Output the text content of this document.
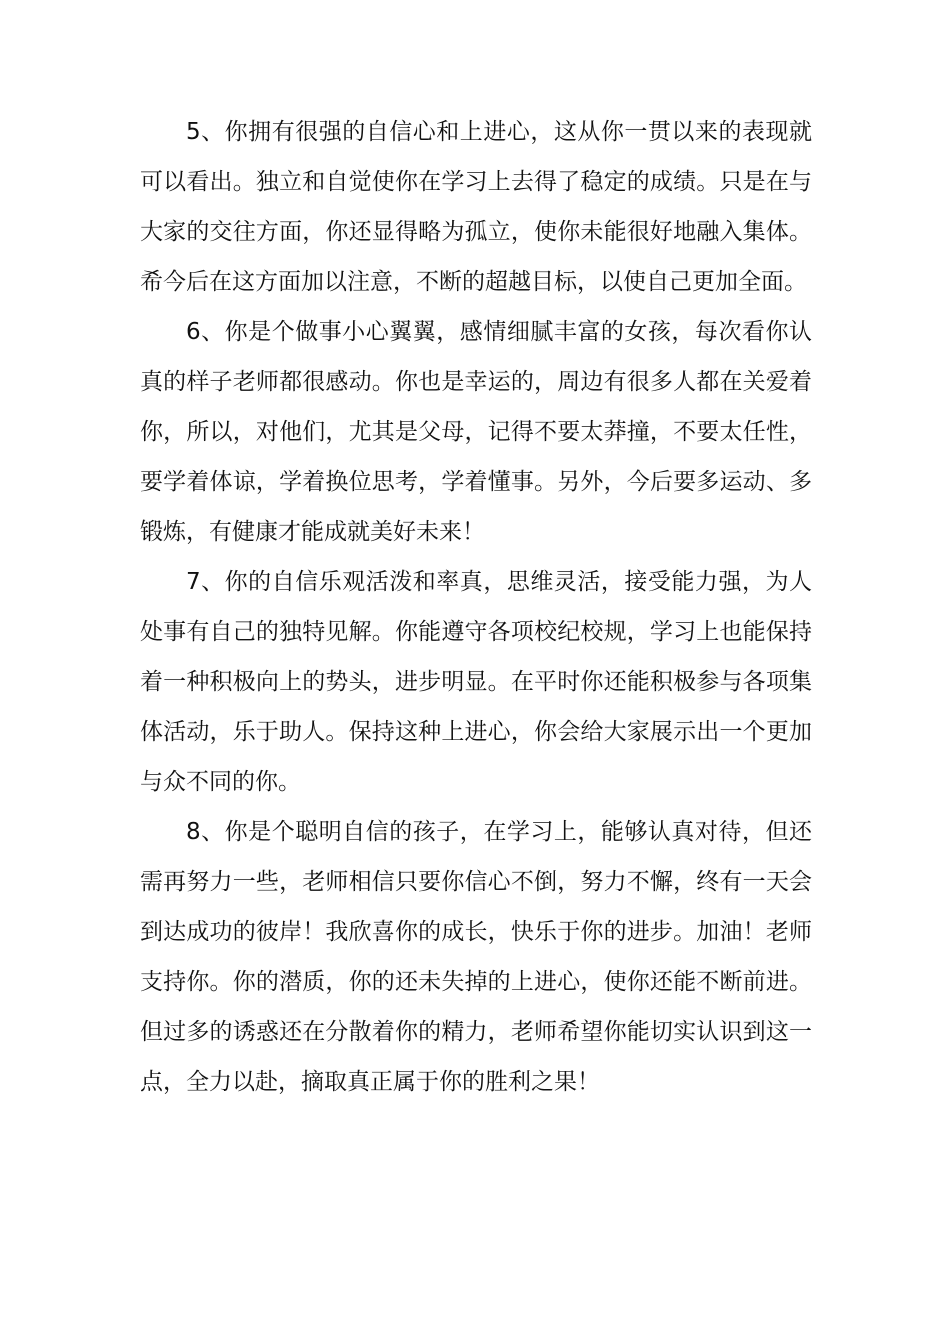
5、你拥有很强的自信心和上进心，这从你一贯以来的表现就可以看出。独立和自觉使你在学习上去得了稳定的成绩。只是在与大家的交往方面，你还显得略为孤立，使你未能很好地融入集体。希今后在这方面加以注意，不断的超越目标，以使自己更加全面。

6、你是个做事小心翼翼，感情细腻丰富的女孩，每次看你认真的样子老师都很感动。你也是幸运的，周边有很多人都在关爱着你，所以，对他们，尤其是父母，记得不要太莽撞，不要太任性，要学着体谅，学着换位思考，学着懂事。另外，今后要多运动、多锻炼，有健康才能成就美好未来！

7、你的自信乐观活泼和率真，思维灵活，接受能力强，为人处事有自己的独特见解。你能遵守各项校纪校规，学习上也能保持着一种积极向上的势头，进步明显。在平时你还能积极参与各项集体活动，乐于助人。保持这种上进心，你会给大家展示出一个更加与众不同的你。

8、你是个聪明自信的孩子，在学习上，能够认真对待，但还需再努力一些，老师相信只要你信心不倒，努力不懈，终有一天会到达成功的彼岸！我欣喜你的成长，快乐于你的进步。加油！老师支持你。你的潜质，你的还未失掉的上进心，使你还能不断前进。但过多的诱惑还在分散着你的精力，老师希望你能切实认识到这一点，全力以赴，摘取真正属于你的胜利之果！
